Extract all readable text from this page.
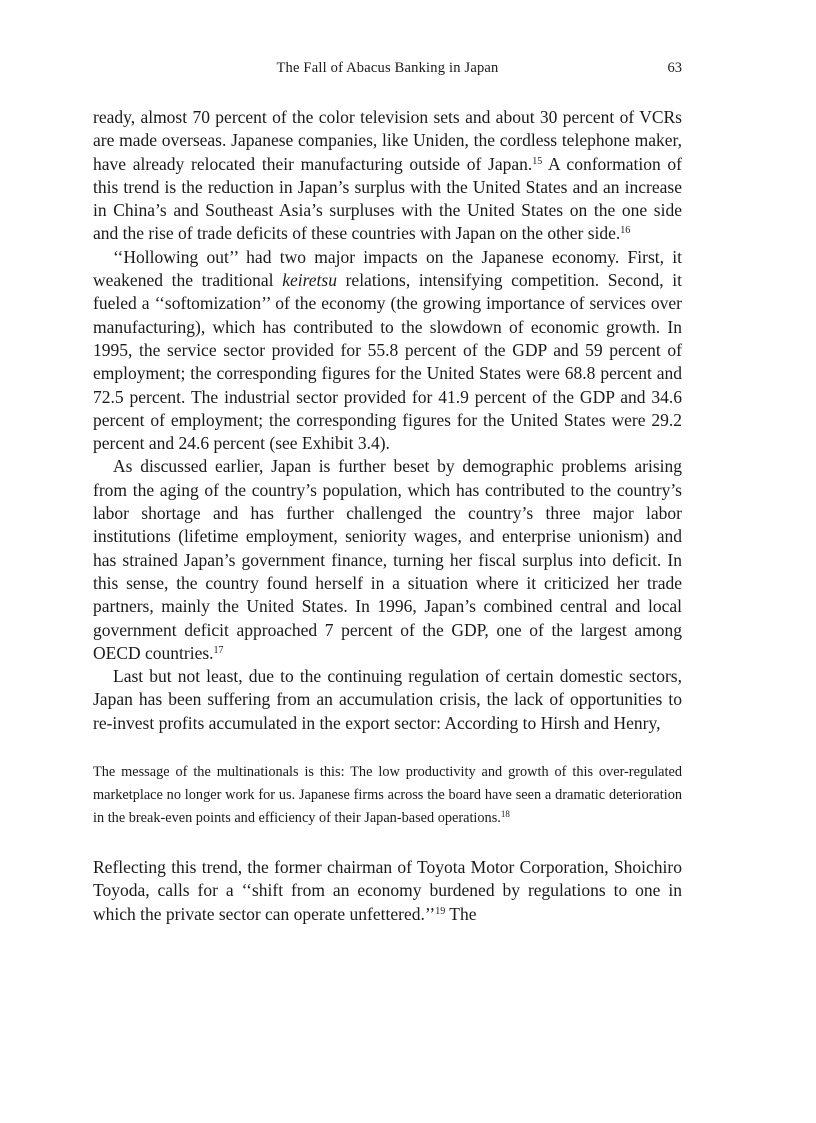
The Fall of Abacus Banking in Japan	63

ready, almost 70 percent of the color television sets and about 30 percent of VCRs are made overseas. Japanese companies, like Uniden, the cordless telephone maker, have already relocated their manufacturing outside of Japan.$^{15}$ A conformation of this trend is the reduction in Japan’s surplus with the United States and an increase in China’s and Southeast Asia’s surpluses with the United States on the one side and the rise of trade deficits of these countries with Japan on the other side.$^{16}$

‘‘Hollowing out’’ had two major impacts on the Japanese economy. First, it weakened the traditional keiretsu relations, intensifying competition. Second, it fueled a ‘‘softomization’’ of the economy (the growing importance of services over manufacturing), which has contributed to the slowdown of economic growth. In 1995, the service sector provided for 55.8 percent of the GDP and 59 percent of employment; the corresponding figures for the United States were 68.8 percent and 72.5 percent. The industrial sector provided for 41.9 percent of the GDP and 34.6 percent of employment; the corresponding figures for the United States were 29.2 percent and 24.6 percent (see Exhibit 3.4).

As discussed earlier, Japan is further beset by demographic problems arising from the aging of the country’s population, which has contributed to the country’s labor shortage and has further challenged the country’s three major labor institutions (lifetime employment, seniority wages, and enterprise unionism) and has strained Japan’s government finance, turning her fiscal surplus into deficit. In this sense, the country found herself in a situation where it criticized her trade partners, mainly the United States. In 1996, Japan’s combined central and local government deficit approached 7 percent of the GDP, one of the largest among OECD countries.$^{17}$

Last but not least, due to the continuing regulation of certain domestic sectors, Japan has been suffering from an accumulation crisis, the lack of opportunities to re-invest profits accumulated in the export sector: According to Hirsh and Henry,

The message of the multinationals is this: The low productivity and growth of this over-regulated marketplace no longer work for us. Japanese firms across the board have seen a dramatic deterioration in the break-even points and efficiency of their Japan-based operations.$^{18}$

Reflecting this trend, the former chairman of Toyota Motor Corporation, Shoichiro Toyoda, calls for a ‘‘shift from an economy burdened by regulations to one in which the private sector can operate unfettered.’’$^{19}$ The
